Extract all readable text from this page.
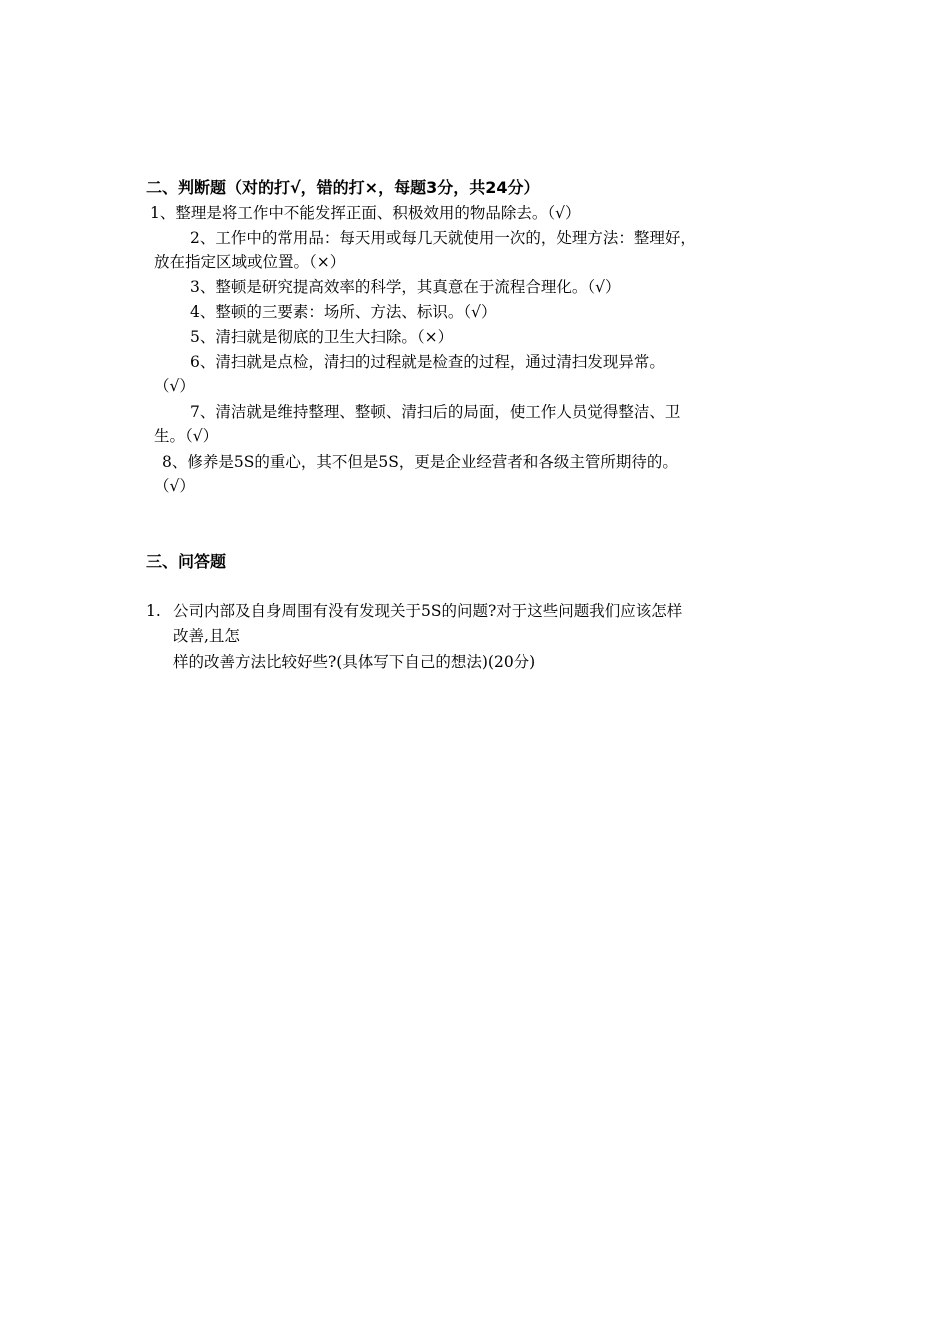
二、判断题（对的打√，错的打×，每题3分，共24分）
1、整理是将工作中不能发挥正面、积极效用的物品除去。（√）
2、工作中的常用品：每天用或每几天就使用一次的，处理方法：整理好，
放在指定区域或位置。（×）
3、整顿是研究提高效率的科学，其真意在于流程合理化。（√）
4、整顿的三要素：场所、方法、标识。（√）
5、清扫就是彻底的卫生大扫除。（×）
6、清扫就是点检，清扫的过程就是检查的过程，通过清扫发现异常。
（√）
7、清洁就是维持整理、整顿、清扫后的局面，使工作人员觉得整洁、卫
生。（√）
8、修养是5S的重心，其不但是5S，更是企业经营者和各级主管所期待的。
（√）
三、问答题
1. 公司内部及自身周围有没有发现关于5S的问题?对于这些问题我们应该怎样
改善,且怎
样的改善方法比较好些?(具体写下自己的想法)(20分)
